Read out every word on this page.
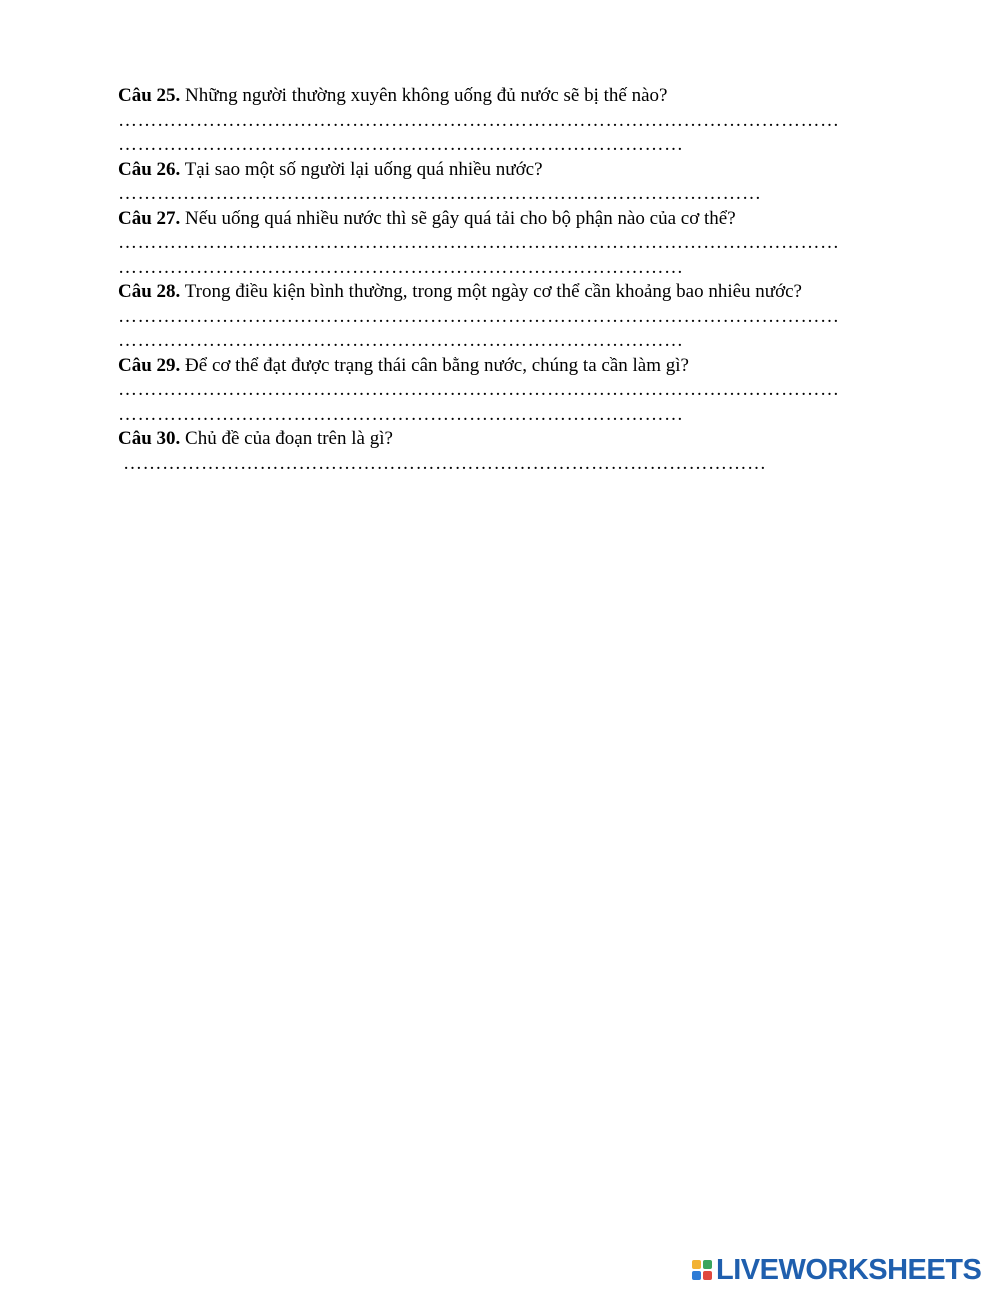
Câu 25. Những người thường xuyên không uống đủ nước sẽ bị thế nào?

…………………………………………………………………………………………………
……………………………………………………………………………

Câu 26. Tại sao một số người lại uống quá nhiều nước?

………………………………………………………………………………………

Câu 27. Nếu uống quá nhiều nước thì sẽ gây quá tải cho bộ phận nào của cơ thể?

…………………………………………………………………………………………………
……………………………………………………………………………

Câu 28. Trong điều kiện bình thường, trong một ngày cơ thể cần khoảng bao nhiêu nước?

…………………………………………………………………………………………………
……………………………………………………………………………

Câu 29. Để cơ thể đạt được trạng thái cân bằng nước, chúng ta cần làm gì?

…………………………………………………………………………………………………
……………………………………………………………………………

Câu 30. Chủ đề của đoạn trên là gì?

………………………………………………………………………………………
LIVEWORKSHEETS
